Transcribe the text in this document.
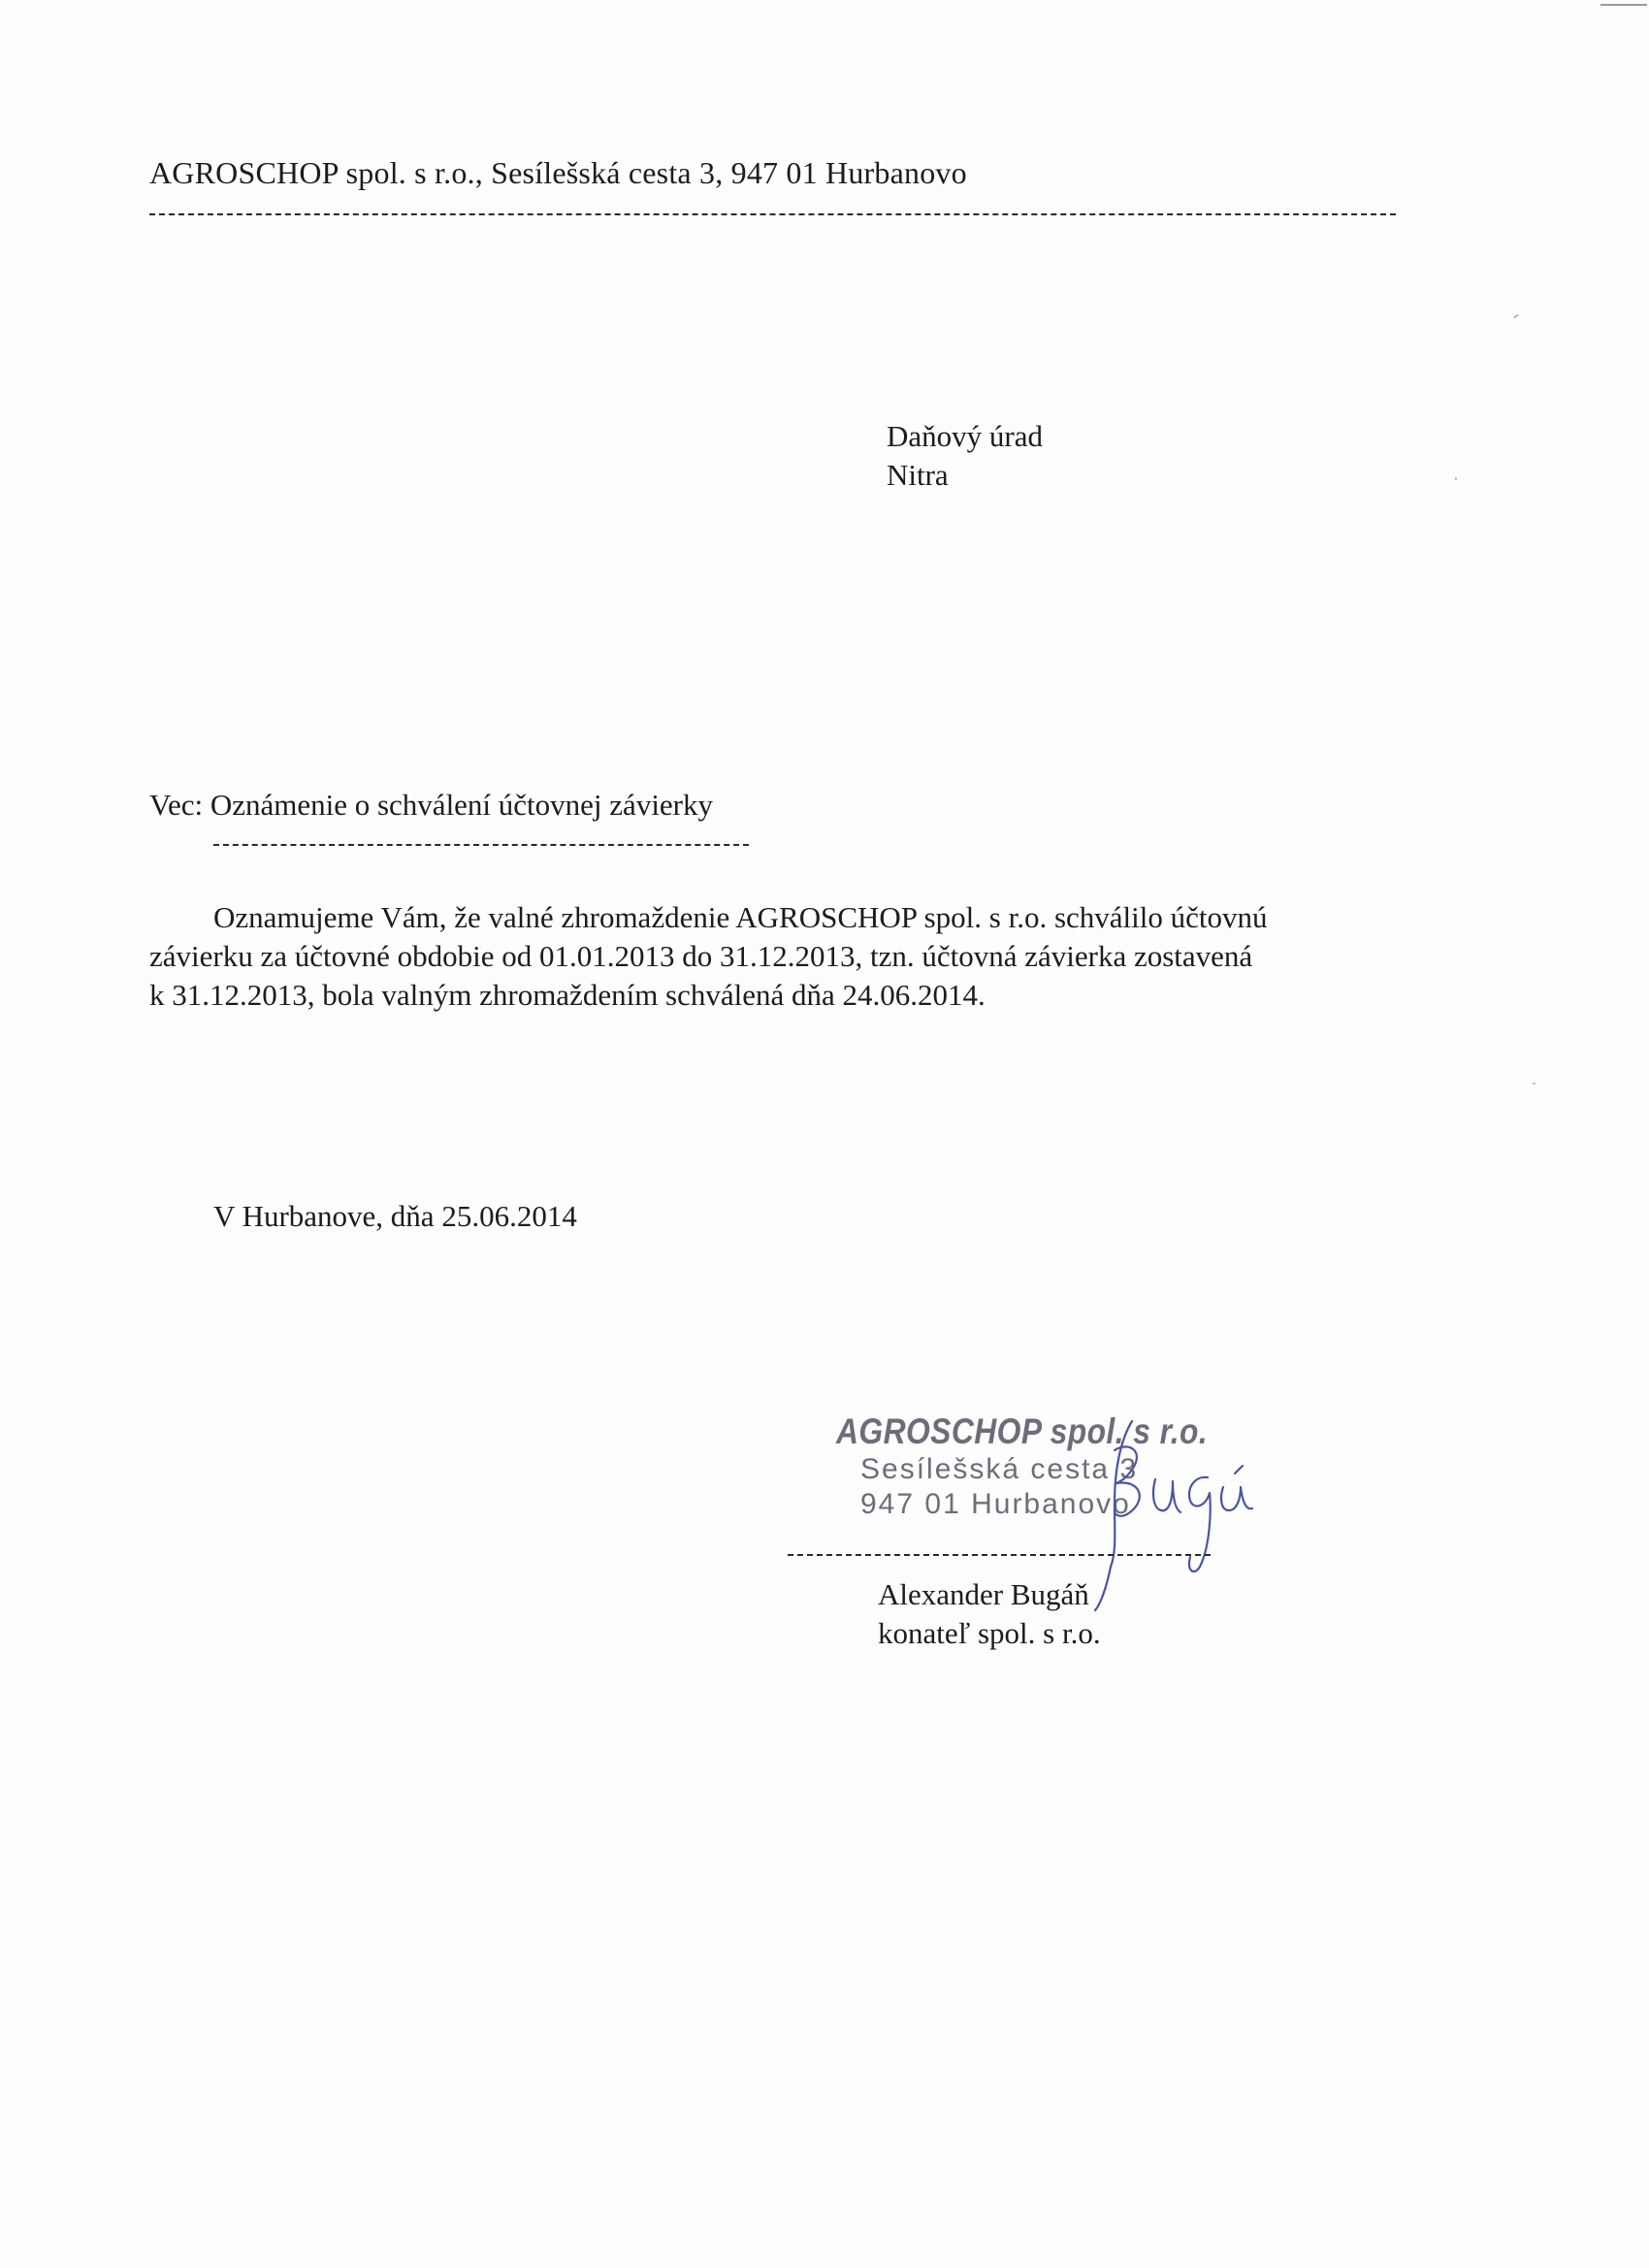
AGROSCHOP spol. s r.o., Sesílešská cesta 3, 947 01 Hurbanovo
Daňový úrad
Nitra
Vec: Oznámenie o schválení účtovnej závierky
Oznamujeme Vám, že valné zhromaždenie AGROSCHOP spol. s r.o. schválilo účtovnú
závierku za účtovné obdobie od 01.01.2013 do 31.12.2013, tzn. účtovná závierka zostavená
k 31.12.2013, bola valným zhromaždením schválená dňa 24.06.2014.
V Hurbanove, dňa 25.06.2014
AGROSCHOP spol. s r.o.
Sesílešská cesta 3
947 01 Hurbanovo
Alexander Bugáň
konateľ spol. s r.o.
